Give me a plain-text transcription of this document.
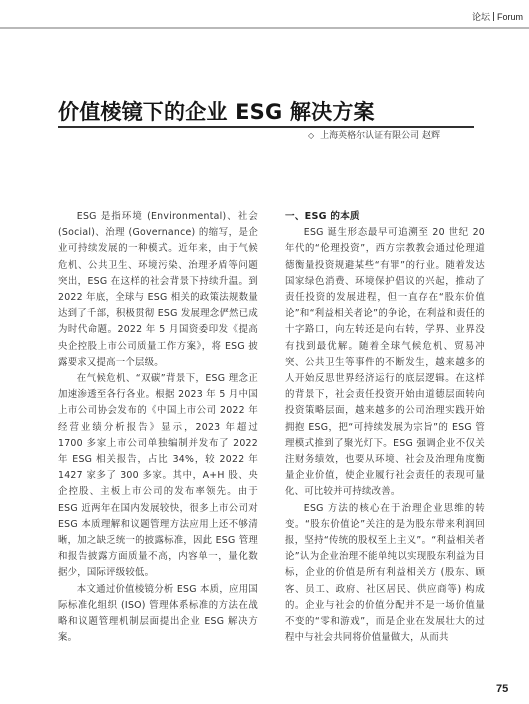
论坛 Forum
价值棱镜下的企业 ESG 解决方案
◇ 上海英格尔认证有限公司 赵辉

ESG 是指环境 (Environmental)、社会 (Social)、治理 (Governance) 的缩写，是企业可持续发展的一种模式。近年来，由于气候危机、公共卫生、环境污染、治理矛盾等问题突出，ESG 在这样的社会背景下持续升温。到 2022 年底，全球与 ESG 相关的政策法规数量达到了千部，积极贯彻 ESG 发展理念俨然已成为时代命题。2022 年 5 月国资委印发《提高央企控股上市公司质量工作方案》，将 ESG 披露要求又提高一个层级。

在气候危机、“双碳”背景下，ESG 理念正加速渗透至各行各业。根据 2023 年 5 月中国上市公司协会发布的《中国上市公司 2022 年经营业绩分析报告》显示，2023 年超过 1700 多家上市公司单独编制并发布了 2022 年 ESG 相关报告，占比 34%，较 2022 年 1427 家多了 300 多家。其中，A+H 股、央企控股、主板上市公司的发布率领先。由于 ESG 近两年在国内发展较快，很多上市公司对 ESG 本质理解和议题管理方法应用上还不够清晰，加之缺乏统一的披露标准，因此 ESG 管理和报告披露方面质量不高，内容单一，量化数据少，国际评级较低。

本文通过价值棱镜分析 ESG 本质，应用国际标准化组织 (ISO) 管理体系标准的方法在战略和议题管理机制层面提出企业 ESG 解决方案。

一、ESG 的本质

ESG 诞生形态最早可追溯至 20 世纪 20 年代的“伦理投资”，西方宗教教会通过伦理道德衡量投资规避某些“有罪”的行业。随着发达国家绿色消费、环境保护倡议的兴起，推动了责任投资的发展进程，但一直存在“股东价值论”和“利益相关者论”的争论，在利益和责任的十字路口，向左转还是向右转，学界、业界没有找到最优解。随着全球气候危机、贸易冲突、公共卫生等事件的不断发生，越来越多的人开始反思世界经济运行的底层逻辑。在这样的背景下，社会责任投资开始由道德层面转向投资策略层面，越来越多的公司治理实践开始拥抱 ESG，把“可持续发展为宗旨”的 ESG 管理模式推到了聚光灯下。ESG 强调企业不仅关注财务绩效，也要从环境、社会及治理角度衡量企业价值，使企业履行社会责任的表现可量化、可比较并可持续改善。

ESG 方法的核心在于治理企业思维的转变。“股东价值论”关注的是为股东带来利润回报，坚持“传统的股权至上主义”。“利益相关者论”认为企业治理不能单纯以实现股东利益为目标，企业的价值是所有利益相关方 (股东、顾客、员工、政府、社区居民、供应商等) 构成的。企业与社会的价值分配并不是一场价值量不变的“零和游戏”，而是企业在发展壮大的过程中与社会共同将价值量做大，从而共

75
